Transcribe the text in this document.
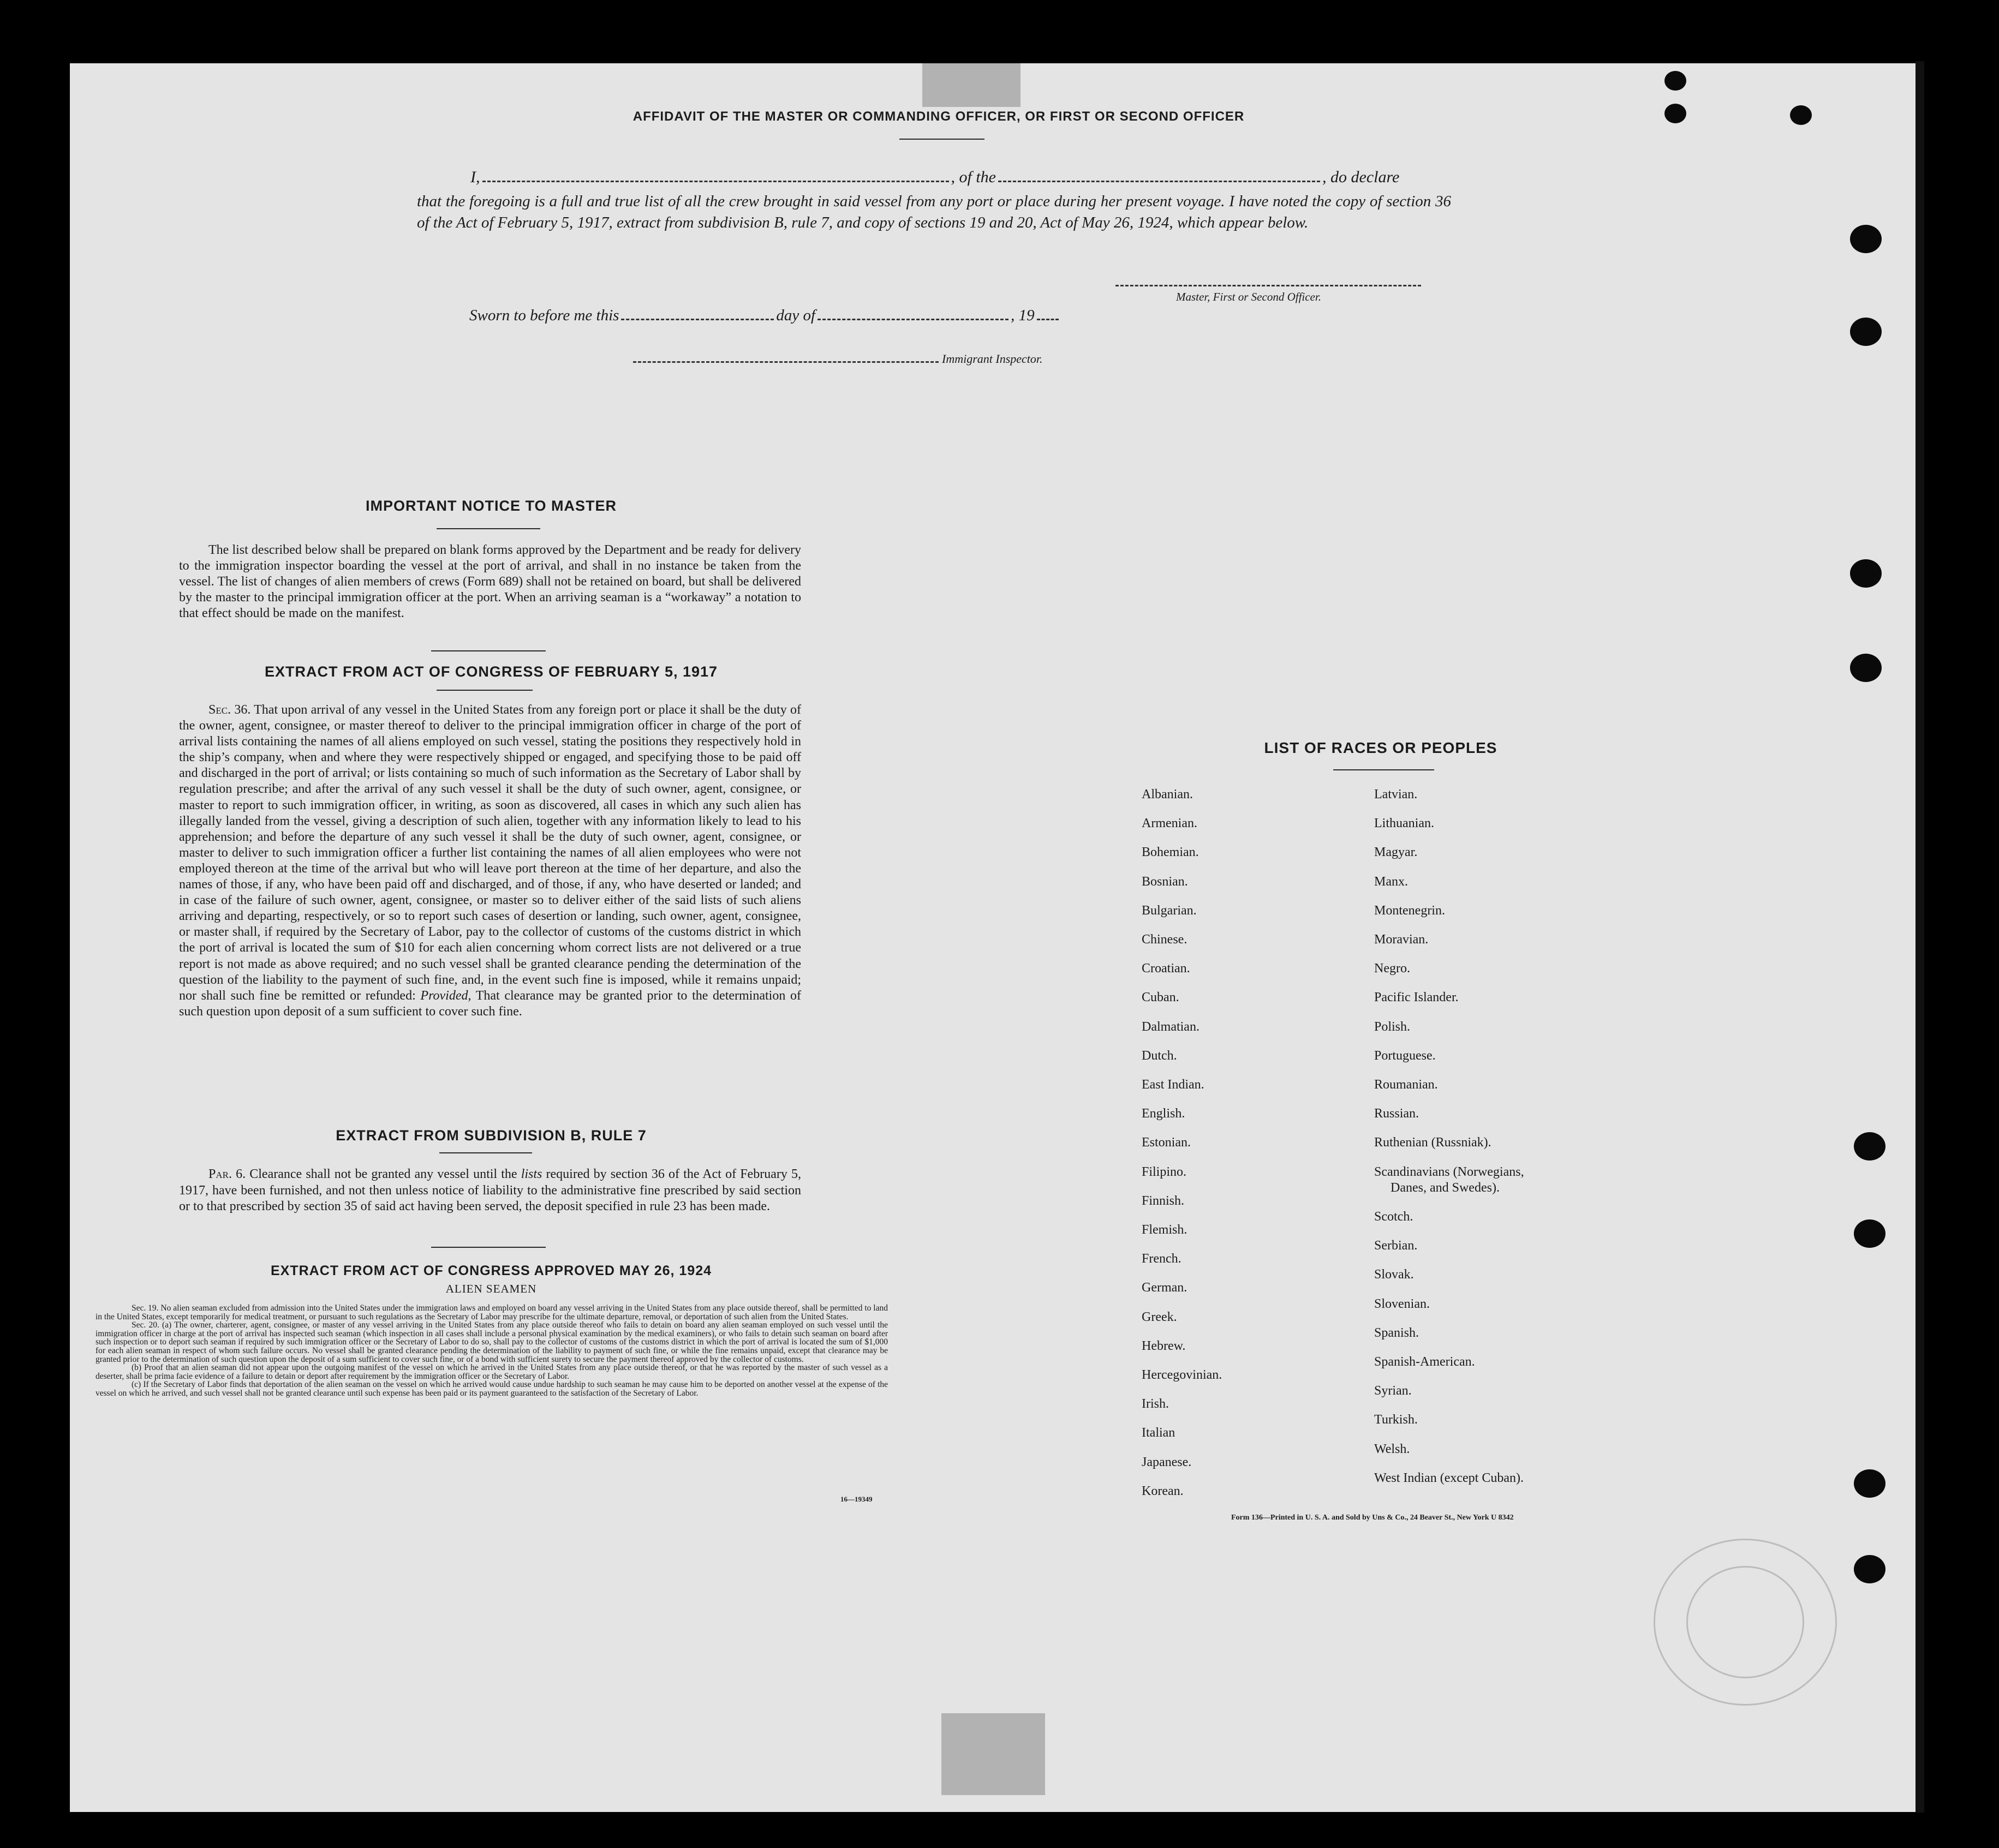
AFFIDAVIT OF THE MASTER OR COMMANDING OFFICER, OR FIRST OR SECOND OFFICER
I,	, of the	, do declare
that the foregoing is a full and true list of all the crew brought in said vessel from any port or place during her present voyage. I have noted the copy of section 36 of the Act of February 5, 1917, extract from subdivision B, rule 7, and copy of sections 19 and 20, Act of May 26, 1924, which appear below.
Master, First or Second Officer.
Sworn to before me this	day of	, 19
Immigrant Inspector.
IMPORTANT NOTICE TO MASTER
The list described below shall be prepared on blank forms approved by the Department and be ready for delivery to the immigration inspector boarding the vessel at the port of arrival, and shall in no instance be taken from the vessel. The list of changes of alien members of crews (Form 689) shall not be retained on board, but shall be delivered by the master to the principal immigration officer at the port. When an arriving seaman is a “workaway” a notation to that effect should be made on the manifest.
EXTRACT FROM ACT OF CONGRESS OF FEBRUARY 5, 1917
Sec. 36. That upon arrival of any vessel in the United States from any foreign port or place it shall be the duty of the owner, agent, consignee, or master thereof to deliver to the principal immigration officer in charge of the port of arrival lists containing the names of all aliens employed on such vessel, stating the positions they respectively hold in the ship’s company, when and where they were respectively shipped or engaged, and specifying those to be paid off and discharged in the port of arrival; or lists containing so much of such information as the Secretary of Labor shall by regulation prescribe; and after the arrival of any such vessel it shall be the duty of such owner, agent, consignee, or master to report to such immigration officer, in writing, as soon as discovered, all cases in which any such alien has illegally landed from the vessel, giving a description of such alien, together with any information likely to lead to his apprehension; and before the departure of any such vessel it shall be the duty of such owner, agent, consignee, or master to deliver to such immigration officer a further list containing the names of all alien employees who were not employed thereon at the time of the arrival but who will leave port thereon at the time of her departure, and also the names of those, if any, who have been paid off and discharged, and of those, if any, who have deserted or landed; and in case of the failure of such owner, agent, consignee, or master so to deliver either of the said lists of such aliens arriving and departing, respectively, or so to report such cases of desertion or landing, such owner, agent, consignee, or master shall, if required by the Secretary of Labor, pay to the collector of customs of the customs district in which the port of arrival is located the sum of $10 for each alien concerning whom correct lists are not delivered or a true report is not made as above required; and no such vessel shall be granted clearance pending the determination of the question of the liability to the payment of such fine, and, in the event such fine is imposed, while it remains unpaid; nor shall such fine be remitted or refunded: Provided, That clearance may be granted prior to the determination of such question upon deposit of a sum sufficient to cover such fine.
EXTRACT FROM SUBDIVISION B, RULE 7
Par. 6. Clearance shall not be granted any vessel until the lists required by section 36 of the Act of February 5, 1917, have been furnished, and not then unless notice of liability to the administrative fine prescribed by said section or to that prescribed by section 35 of said act having been served, the deposit specified in rule 23 has been made.
EXTRACT FROM ACT OF CONGRESS APPROVED MAY 26, 1924
ALIEN SEAMEN
Sec. 19. No alien seaman excluded from admission into the United States under the immigration laws and employed on board any vessel arriving in the United States from any place outside thereof, shall be permitted to land in the United States, except temporarily for medical treatment, or pursuant to such regulations as the Secretary of Labor may prescribe for the ultimate departure, removal, or deportation of such alien from the United States.
Sec. 20. (a) The owner, charterer, agent, consignee, or master of any vessel arriving in the United States from any place outside thereof who fails to detain on board any alien seaman employed on such vessel until the immigration officer in charge at the port of arrival has inspected such seaman (which inspection in all cases shall include a personal physical examination by the medical examiners), or who fails to detain such seaman on board after such inspection or to deport such seaman if required by such immigration officer or the Secretary of Labor to do so, shall pay to the collector of customs of the customs district in which the port of arrival is located the sum of $1,000 for each alien seaman in respect of whom such failure occurs. No vessel shall be granted clearance pending the determination of the liability to payment of such fine, or while the fine remains unpaid, except that clearance may be granted prior to the determination of such question upon the deposit of a sum sufficient to cover such fine, or of a bond with sufficient surety to secure the payment thereof approved by the collector of customs.
(b) Proof that an alien seaman did not appear upon the outgoing manifest of the vessel on which he arrived in the United States from any place outside thereof, or that he was reported by the master of such vessel as a deserter, shall be prima facie evidence of a failure to detain or deport after requirement by the immigration officer or the Secretary of Labor.
(c) If the Secretary of Labor finds that deportation of the alien seaman on the vessel on which he arrived would cause undue hardship to such seaman he may cause him to be deported on another vessel at the expense of the vessel on which he arrived, and such vessel shall not be granted clearance until such expense has been paid or its payment guaranteed to the satisfaction of the Secretary of Labor.
16—19349
LIST OF RACES OR PEOPLES
Form 136—Printed in U. S. A. and Sold by Uns & Co., 24 Beaver St., New York U 8342
Albanian.
Armenian.
Bohemian.
Bosnian.
Bulgarian.
Chinese.
Croatian.
Cuban.
Dalmatian.
Dutch.
East Indian.
English.
Estonian.
Filipino.
Finnish.
Flemish.
French.
German.
Greek.
Hebrew.
Hercegovinian.
Irish.
Italian
Japanese.
Korean.
Latvian.
Lithuanian.
Magyar.
Manx.
Montenegrin.
Moravian.
Negro.
Pacific Islander.
Polish.
Portuguese.
Roumanian.
Russian.
Ruthenian (Russniak).
Scandinavians (Norwegians,
Danes, and Swedes).
Scotch.
Serbian.
Slovak.
Slovenian.
Spanish.
Spanish-American.
Syrian.
Turkish.
Welsh.
West Indian (except Cuban).
